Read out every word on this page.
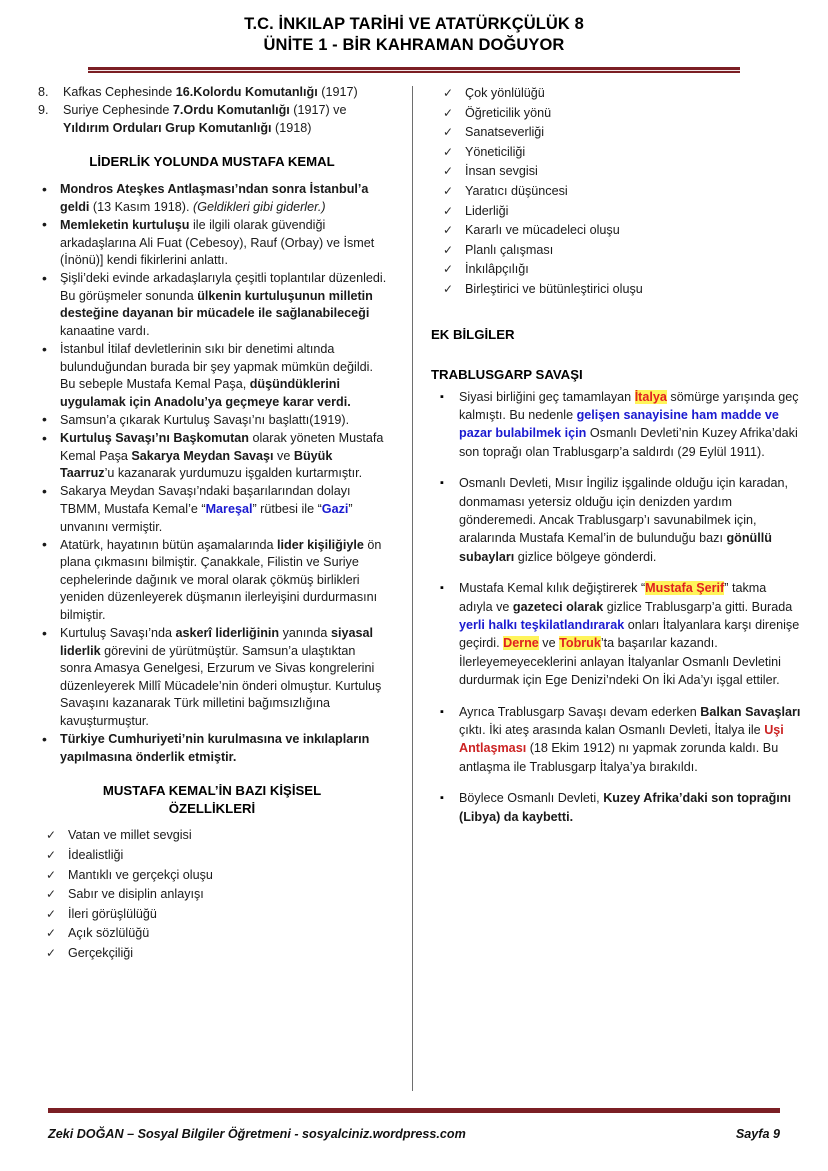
T.C. İNKILAP TARİHİ VE ATATÜRKÇÜLÜK 8
ÜNİTE 1 - BİR KAHRAMAN DOĞUYOR
8. Kafkas Cephesinde 16.Kolordu Komutanlığı (1917)
9. Suriye Cephesinde 7.Ordu Komutanlığı (1917) ve Yıldırım Orduları Grup Komutanlığı (1918)
LİDERLİK YOLUNDA MUSTAFA KEMAL
• Mondros Ateşkes Antlaşması’ndan sonra İstanbul’a geldi (13 Kasım 1918). (Geldikleri gibi giderler.)
• Memleketin kurtuluşu ile ilgili olarak güvendiği arkadaşlarına Ali Fuat (Cebesoy), Rauf (Orbay) ve İsmet (İnönü)] kendi fikirlerini anlattı.
• Şişli’deki evinde arkadaşlarıyla çeşitli toplantılar düzenledi. Bu görüşmeler sonunda ülkenin kurtuluşunun milletin desteğine dayanan bir mücadele ile sağlanabileceği kanaatine vardı.
• İstanbul İtilaf devletlerinin sıkı bir denetimi altında bulunduğundan burada bir şey yapmak mümkün değildi. Bu sebeple Mustafa Kemal Paşa, düşündüklerini uygulamak için Anadolu’ya geçmeye karar verdi.
• Samsun’a çıkarak Kurtuluş Savaşı’nı başlattı(1919).
• Kurtuluş Savaşı’nı Başkomutan olarak yöneten Mustafa Kemal Paşa Sakarya Meydan Savaşı ve Büyük Taarruz’u kazanarak yurdumuzu işgalden kurtarmıştır.
• Sakarya Meydan Savaşı’ndaki başarılarından dolayı TBMM, Mustafa Kemal’e “Mareşal” rütbesi ile “Gazi” unvanını vermiştir.
• Atatürk, hayatının bütün aşamalarında lider kişiliğiyle ön plana çıkmasını bilmiştir. Çanakkale, Filistin ve Suriye cephelerinde dağınık ve moral olarak çökmüş birlikleri yeniden düzenleyerek düşmanın ilerleyişini durdurmasını bilmiştir.
• Kurtuluş Savaşı’nda askerî liderliğinin yanında siyasal liderlik görevini de yürütmüştür. Samsun’a ulaştıktan sonra Amasya Genelgesi, Erzurum ve Sivas kongrelerini düzenleyerek Millî Mücadele’nin önderi olmuştur. Kurtuluş Savaşını kazanarak Türk milletini bağımsızlığına kavuşturmuştur.
• Türkiye Cumhuriyeti’nin kurulmasına ve inkılapların yapılmasına önderlik etmiştir.
MUSTAFA KEMAL’İN BAZI KİŞİSEL
ÖZELLİKLERİ
✓ Vatan ve millet sevgisi
✓ İdealistliği
✓ Mantıklı ve gerçekçi oluşu
✓ Sabır ve disiplin anlayışı
✓ İleri görüşlülüğü
✓ Açık sözlülüğü
✓ Gerçekçiliği
✓ Çok yönlülüğü
✓ Öğreticilik yönü
✓ Sanatseverliği
✓ Yöneticiliği
✓ İnsan sevgisi
✓ Yaratıcı düşüncesi
✓ Liderliği
✓ Kararlı ve mücadeleci oluşu
✓ Planlı çalışması
✓ İnkılâpçılığı
✓ Birleştirici ve bütünleştirici oluşu
EK BİLGİLER
TRABLUSGARP SAVAŞI
▪ Siyasi birliğini geç tamamlayan İtalya sömürge yarışında geç kalmıştı. Bu nedenle gelişen sanayisine ham madde ve pazar bulabilmek için Osmanlı Devleti’nin Kuzey Afrika’daki son toprağı olan Trablusgarp’a saldırdı (29 Eylül 1911).
▪ Osmanlı Devleti, Mısır İngiliz işgalinde olduğu için karadan, donmaması yetersiz olduğu için denizden yardım gönderemedi. Ancak Trablusgarp’ı savunabilmek için, aralarında Mustafa Kemal’in de bulunduğu bazı gönüllü subayları gizlice bölgeye gönderdi.
▪ Mustafa Kemal kılık değiştirerek “Mustafa Şerif” takma adıyla ve gazeteci olarak gizlice Trablusgarp’a gitti. Burada yerli halkı teşkilatlandırarak onları İtalyanlara karşı direnişe geçirdi. Derne ve Tobruk’ta başarılar kazandı. İlerleyemeyeceklerini anlayan İtalyanlar Osmanlı Devletini durdurmak için Ege Denizi’ndeki On İki Ada’yı işgal ettiler.
▪ Ayrıca Trablusgarp Savaşı devam ederken Balkan Savaşları çıktı. İki ateş arasında kalan Osmanlı Devleti, İtalya ile Uşi Antlaşması (18 Ekim 1912) nı yapmak zorunda kaldı. Bu antlaşma ile Trablusgarp İtalya’ya bırakıldı.
▪ Böylece Osmanlı Devleti, Kuzey Afrika’daki son toprağını (Libya) da kaybetti.
Zeki DOĞAN – Sosyal Bilgiler Öğretmeni - sosyalciniz.wordpress.com	Sayfa 9
